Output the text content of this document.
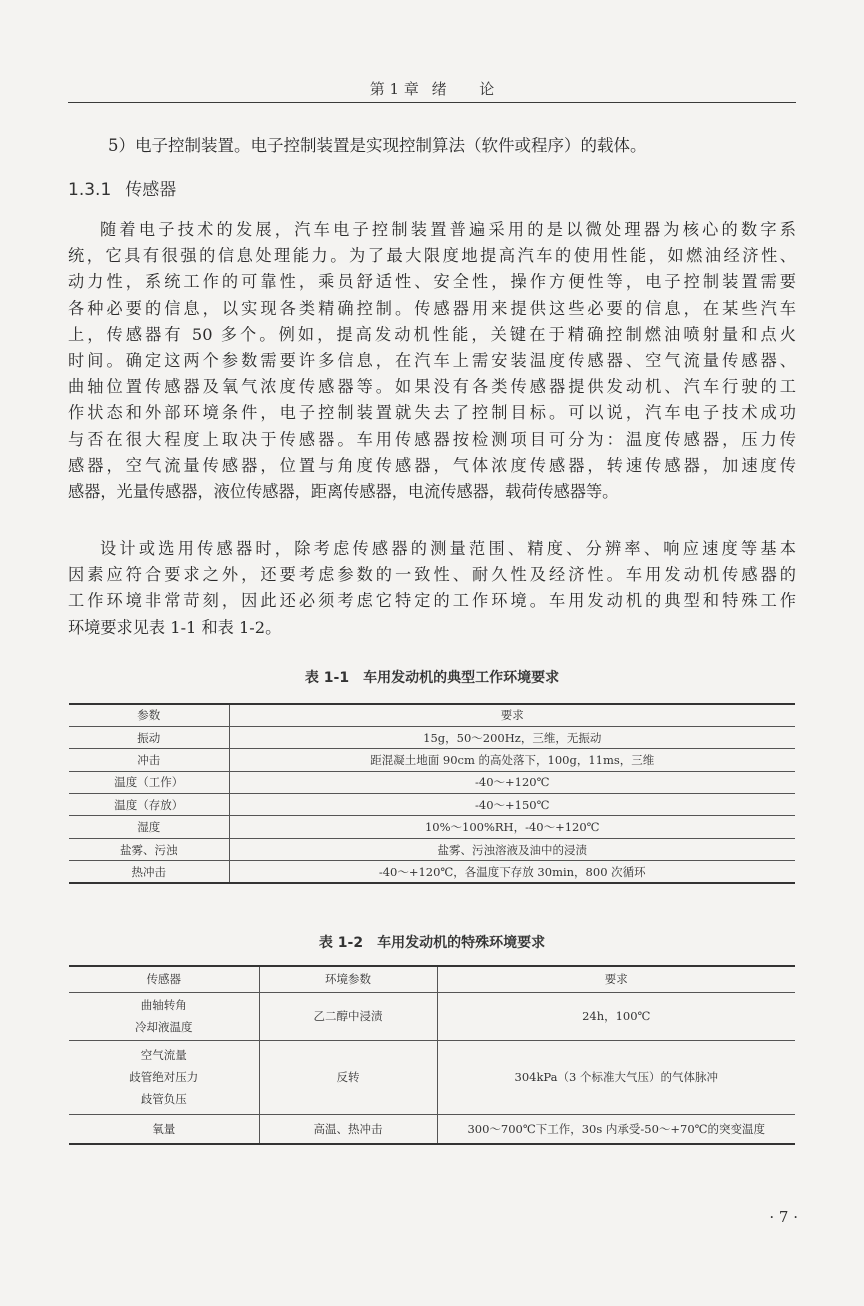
第 1 章 绪   论
5）电子控制装置。电子控制装置是实现控制算法（软件或程序）的载体。
1.3.1 传感器
随着电子技术的发展，汽车电子控制装置普遍采用的是以微处理器为核心的数字系
统，它具有很强的信息处理能力。为了最大限度地提高汽车的使用性能，如燃油经济性、
动力性，系统工作的可靠性，乘员舒适性、安全性，操作方便性等，电子控制装置需要
各种必要的信息，以实现各类精确控制。传感器用来提供这些必要的信息，在某些汽车
上，传感器有 50 多个。例如，提高发动机性能，关键在于精确控制燃油喷射量和点火
时间。确定这两个参数需要许多信息，在汽车上需安装温度传感器、空气流量传感器、
曲轴位置传感器及氧气浓度传感器等。如果没有各类传感器提供发动机、汽车行驶的工
作状态和外部环境条件，电子控制装置就失去了控制目标。可以说，汽车电子技术成功
与否在很大程度上取决于传感器。车用传感器按检测项目可分为：温度传感器，压力传
感器，空气流量传感器，位置与角度传感器，气体浓度传感器，转速传感器，加速度传
感器，光量传感器，液位传感器，距离传感器，电流传感器，载荷传感器等。
设计或选用传感器时，除考虑传感器的测量范围、精度、分辨率、响应速度等基本
因素应符合要求之外，还要考虑参数的一致性、耐久性及经济性。车用发动机传感器的
工作环境非常苛刻，因此还必须考虑它特定的工作环境。车用发动机的典型和特殊工作
环境要求见表 1-1 和表 1-2。
表 1-1　车用发动机的典型工作环境要求
参数	要求
振动	15g，50～200Hz，三维，无振动
冲击	距混凝土地面 90cm 的高处落下，100g，11ms，三维
温度（工作）	-40～+120℃
温度（存放）	-40～+150℃
湿度	10%～100%RH，-40～+120℃
盐雾、污浊	盐雾、污浊溶液及油中的浸渍
热冲击	-40～+120℃，各温度下存放 30min，800 次循环
表 1-2　车用发动机的特殊环境要求
传感器	环境参数	要求

曲轴转角
冷却液温度	乙二醇中浸渍	24h，100℃

空气流量
歧管绝对压力
歧管负压	反转	304kPa（3 个标准大气压）的气体脉冲

氧量	高温、热冲击	300～700℃下工作，30s 内承受-50～+70℃的突变温度
· 7 ·
